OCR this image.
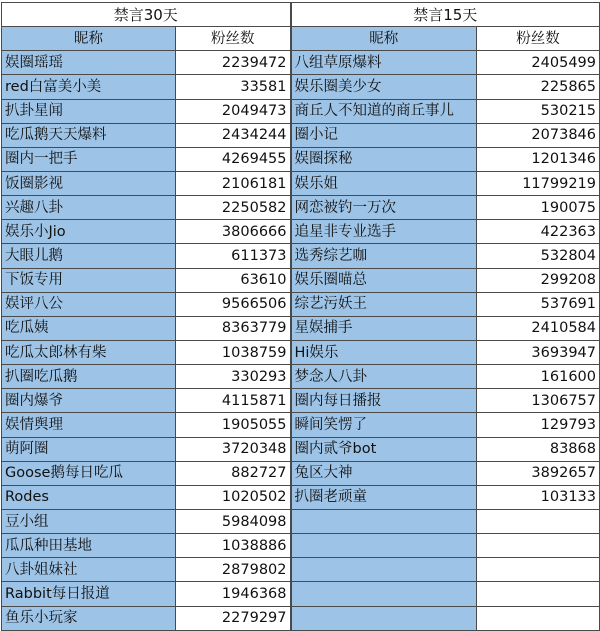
禁言30天		禁言15天	
昵称	粉丝数	昵称	粉丝数
娱圈瑶瑶	2239472	八组草原爆料	2405499
red白富美小美	33581	娱乐圈美少女	225865
扒卦星闻	2049473	商丘人不知道的商丘事儿	530215
吃瓜鹅天天爆料	2434244	圈小记	2073846
圈内一把手	4269455	娱圈探秘	1201346
饭圈影视	2106181	娱乐姐	11799219
兴趣八卦	2250582	网恋被钓一万次	190075
娱乐小Jio	3806666	追星非专业选手	422363
大眼儿鹅	611373	选秀综艺咖	532804
下饭专用	63610	娱乐圈喵总	299208
娱评八公	9566506	综艺污妖王	537691
吃瓜姨	8363779	星娱捕手	2410584
吃瓜太郎林有柴	1038759	Hi娱乐	3693947
扒圈吃瓜鹅	330293	梦念人八卦	161600
圈内爆爷	4115871	圈内每日播报	1306757
娱情舆理	1905055	瞬间笑愣了	129793
萌阿圈	3720348	圈内贰爷bot	83868
Goose鹅每日吃瓜	882727	兔区大神	3892657
Rodes	1020502	扒圈老顽童	103133
豆小组	5984098		
瓜瓜种田基地	1038886		
八卦姐妹社	2879802		
Rabbit每日报道	1946368		
鱼乐小玩家	2279297		
